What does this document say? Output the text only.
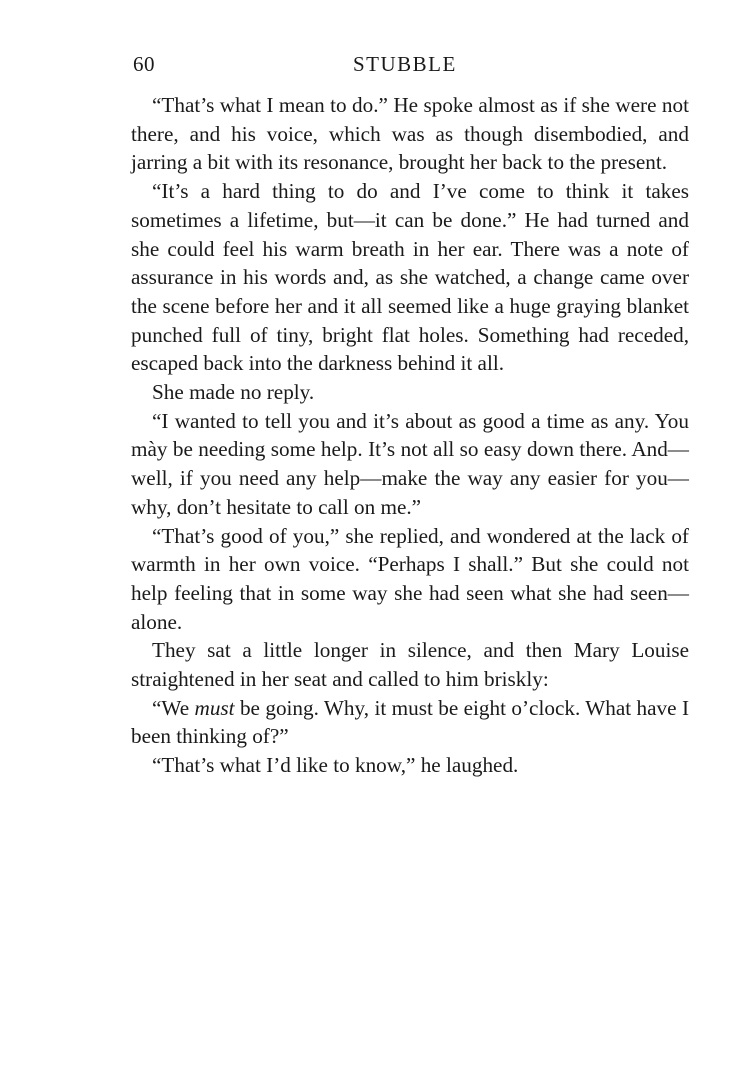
60	STUBBLE

“That’s what I mean to do.” He spoke almost as if she were not there, and his voice, which was as though disembodied, and jarring a bit with its resonance, brought her back to the present.

“It’s a hard thing to do and I’ve come to think it takes sometimes a lifetime, but—it can be done.” He had turned and she could feel his warm breath in her ear. There was a note of assurance in his words and, as she watched, a change came over the scene before her and it all seemed like a huge graying blanket punched full of tiny, bright flat holes. Something had receded, escaped back into the darkness behind it all.

She made no reply.

“I wanted to tell you and it’s about as good a time as any. You mày be needing some help. It’s not all so easy down there. And—well, if you need any help—make the way any easier for you—why, don’t hesitate to call on me.”

“That’s good of you,” she replied, and wondered at the lack of warmth in her own voice. “Perhaps I shall.” But she could not help feeling that in some way she had seen what she had seen—alone.

They sat a little longer in silence, and then Mary Louise straightened in her seat and called to him briskly:

“We must be going. Why, it must be eight o’clock. What have I been thinking of?”

“That’s what I’d like to know,” he laughed.
